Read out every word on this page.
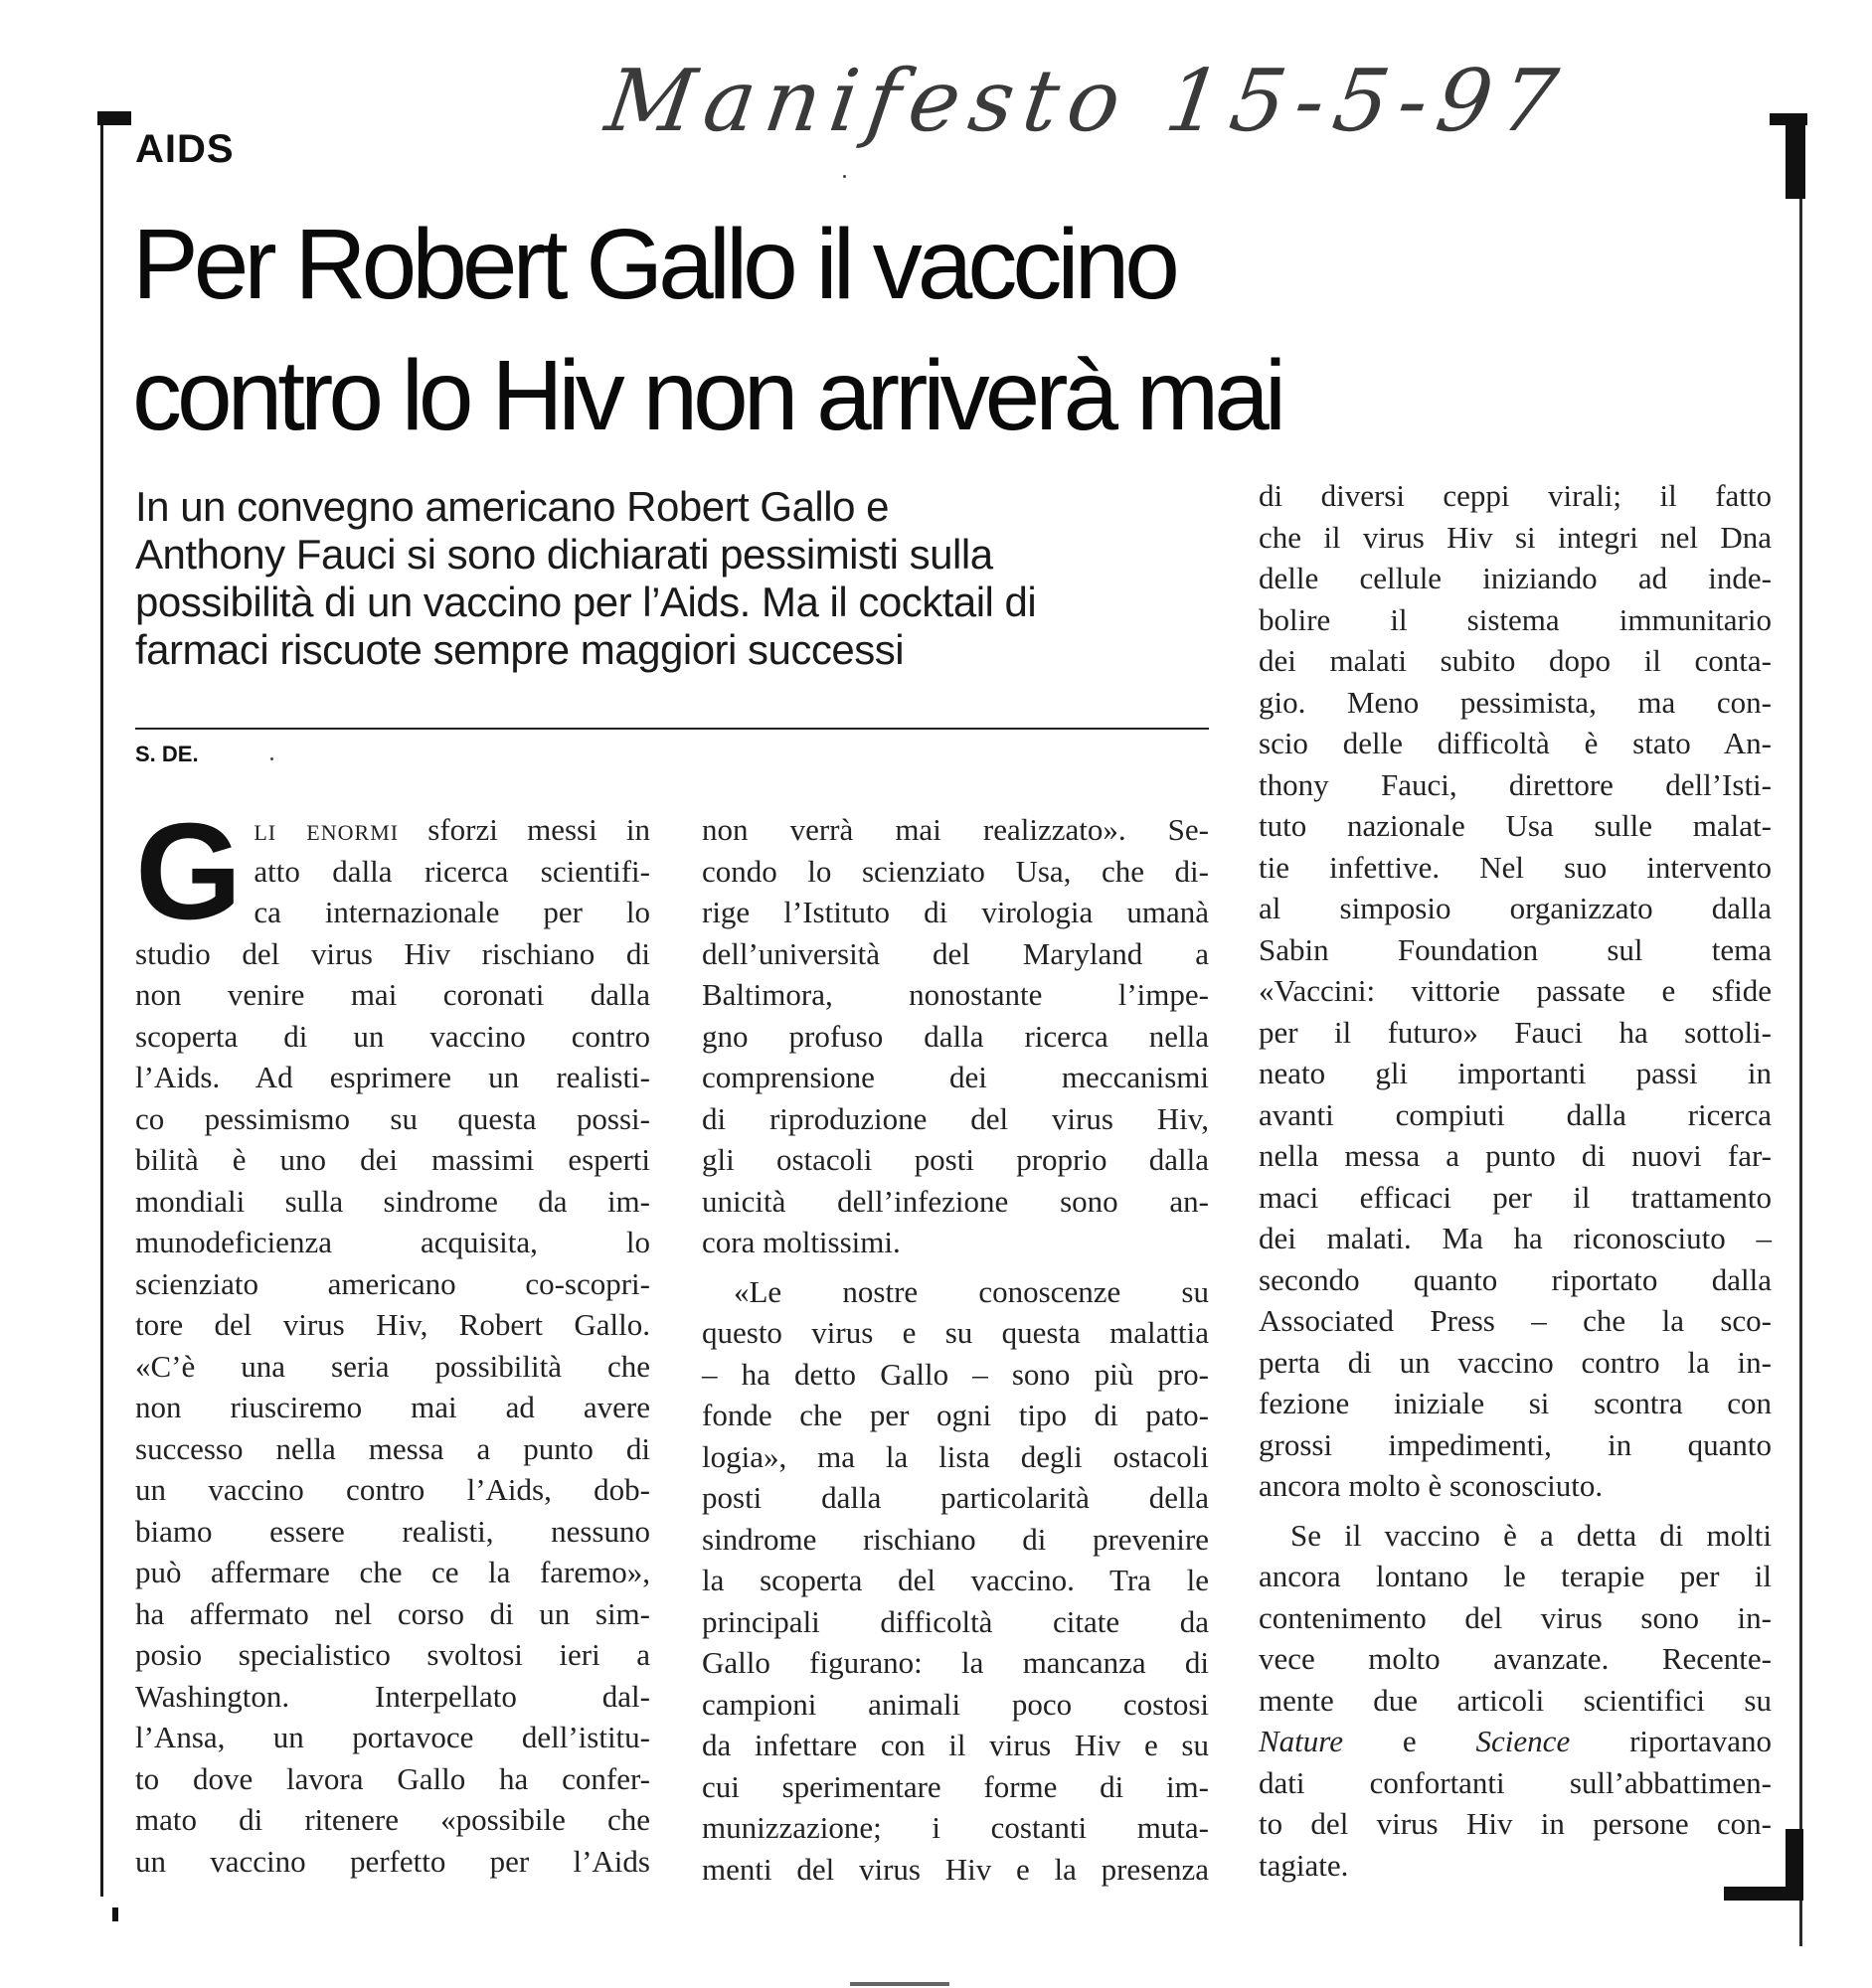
Manifesto 15-5-97
AIDS
Per Robert Gallo il vaccino
contro lo Hiv non arriverà mai
In un convegno americano Robert Gallo e
Anthony Fauci si sono dichiarati pessimisti sulla
possibilità di un vaccino per l’Aids. Ma il cocktail di
farmaci riscuote sempre maggiori successi
S. DE.
G li enormi sforzi messi in
atto dalla ricerca scientifi-
ca internazionale per lo
studio del virus Hiv rischiano di
non venire mai coronati dalla
scoperta di un vaccino contro
l’Aids. Ad esprimere un realisti-
co pessimismo su questa possi-
bilità è uno dei massimi esperti
mondiali sulla sindrome da im-
munodeficienza acquisita, lo
scienziato americano co-scopri-
tore del virus Hiv, Robert Gallo.
«C’è una seria possibilità che
non riusciremo mai ad avere
successo nella messa a punto di
un vaccino contro l’Aids, dob-
biamo essere realisti, nessuno
può affermare che ce la faremo»,
ha affermato nel corso di un sim-
posio specialistico svoltosi ieri a
Washington. Interpellato dal-
l’Ansa, un portavoce dell’istitu-
to dove lavora Gallo ha confer-
mato di ritenere «possibile che
un vaccino perfetto per l’Aids
non verrà mai realizzato». Se-
condo lo scienziato Usa, che di-
rige l’Istituto di virologia umanà
dell’università del Maryland a
Baltimora, nonostante l’impe-
gno profuso dalla ricerca nella
comprensione dei meccanismi
di riproduzione del virus Hiv,
gli ostacoli posti proprio dalla
unicità dell’infezione sono an-
cora moltissimi.
«Le nostre conoscenze su
questo virus e su questa malattia
– ha detto Gallo – sono più pro-
fonde che per ogni tipo di pato-
logia», ma la lista degli ostacoli
posti dalla particolarità della
sindrome rischiano di prevenire
la scoperta del vaccino. Tra le
principali difficoltà citate da
Gallo figurano: la mancanza di
campioni animali poco costosi
da infettare con il virus Hiv e su
cui sperimentare forme di im-
munizzazione; i costanti muta-
menti del virus Hiv e la presenza
di diversi ceppi virali; il fatto
che il virus Hiv si integri nel Dna
delle cellule iniziando ad inde-
bolire il sistema immunitario
dei malati subito dopo il conta-
gio. Meno pessimista, ma con-
scio delle difficoltà è stato An-
thony Fauci, direttore dell’Isti-
tuto nazionale Usa sulle malat-
tie infettive. Nel suo intervento
al simposio organizzato dalla
Sabin Foundation sul tema
«Vaccini: vittorie passate e sfide
per il futuro» Fauci ha sottoli-
neato gli importanti passi in
avanti compiuti dalla ricerca
nella messa a punto di nuovi far-
maci efficaci per il trattamento
dei malati. Ma ha riconosciuto –
secondo quanto riportato dalla
Associated Press – che la sco-
perta di un vaccino contro la in-
fezione iniziale si scontra con
grossi impedimenti, in quanto
ancora molto è sconosciuto.
Se il vaccino è a detta di molti
ancora lontano le terapie per il
contenimento del virus sono in-
vece molto avanzate. Recente-
mente due articoli scientifici su
Nature e Science riportavano
dati confortanti sull’abbattimen-
to del virus Hiv in persone con-
tagiate.
